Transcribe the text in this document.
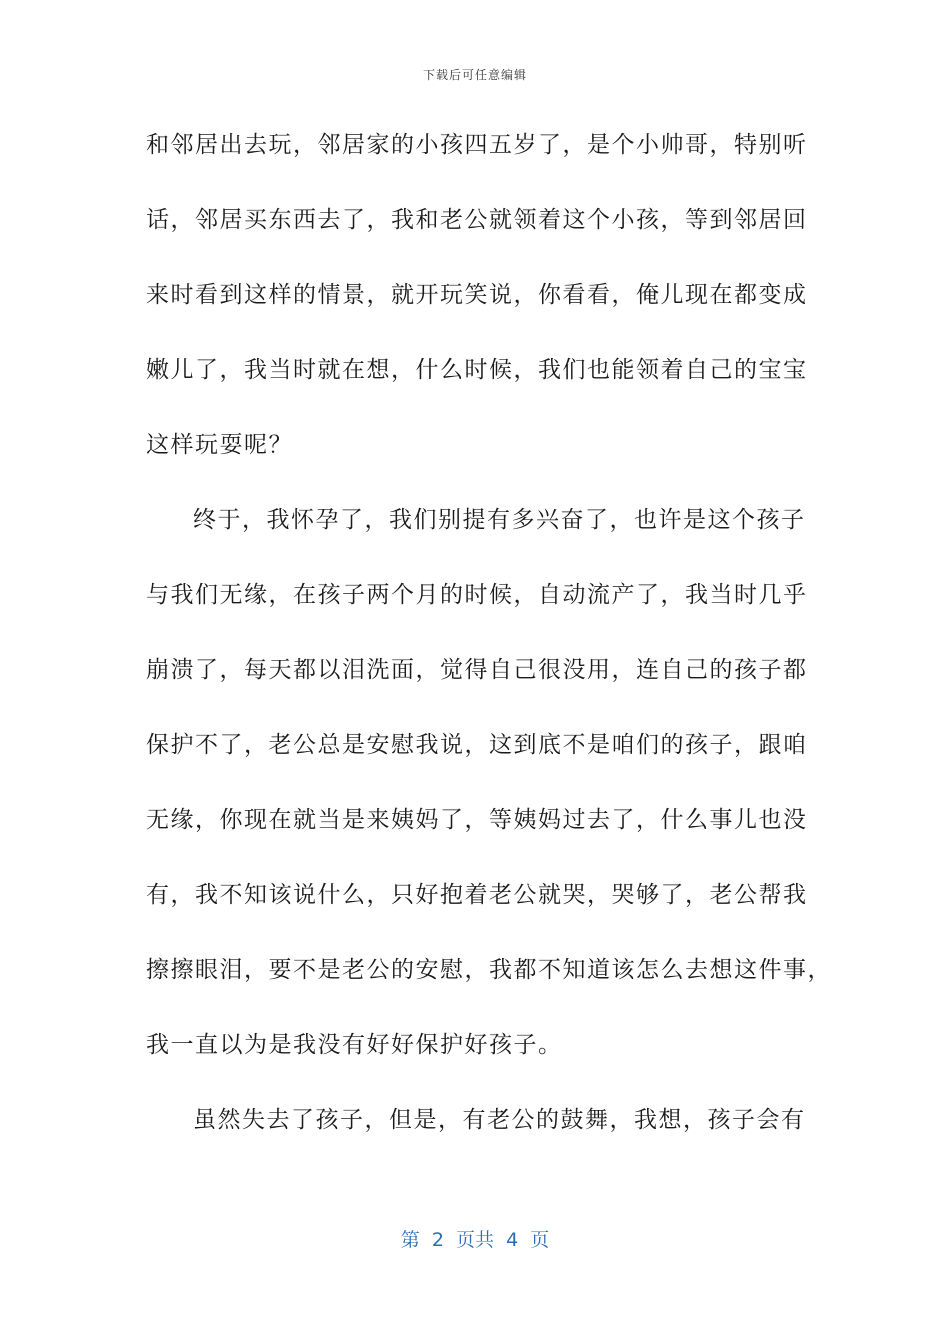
下载后可任意编辑
和邻居出去玩，邻居家的小孩四五岁了，是个小帅哥，特别听
话，邻居买东西去了，我和老公就领着这个小孩，等到邻居回
来时看到这样的情景，就开玩笑说，你看看，俺儿现在都变成
嫩儿了，我当时就在想，什么时候，我们也能领着自己的宝宝
这样玩耍呢？
终于，我怀孕了，我们别提有多兴奋了，也许是这个孩子
与我们无缘，在孩子两个月的时候，自动流产了，我当时几乎
崩溃了，每天都以泪洗面，觉得自己很没用，连自己的孩子都
保护不了，老公总是安慰我说，这到底不是咱们的孩子，跟咱
无缘，你现在就当是来姨妈了，等姨妈过去了，什么事儿也没
有，我不知该说什么，只好抱着老公就哭，哭够了，老公帮我
擦擦眼泪，要不是老公的安慰，我都不知道该怎么去想这件事，
我一直以为是我没有好好保护好孩子。
虽然失去了孩子，但是，有老公的鼓舞，我想，孩子会有
第  2  页共  4  页
